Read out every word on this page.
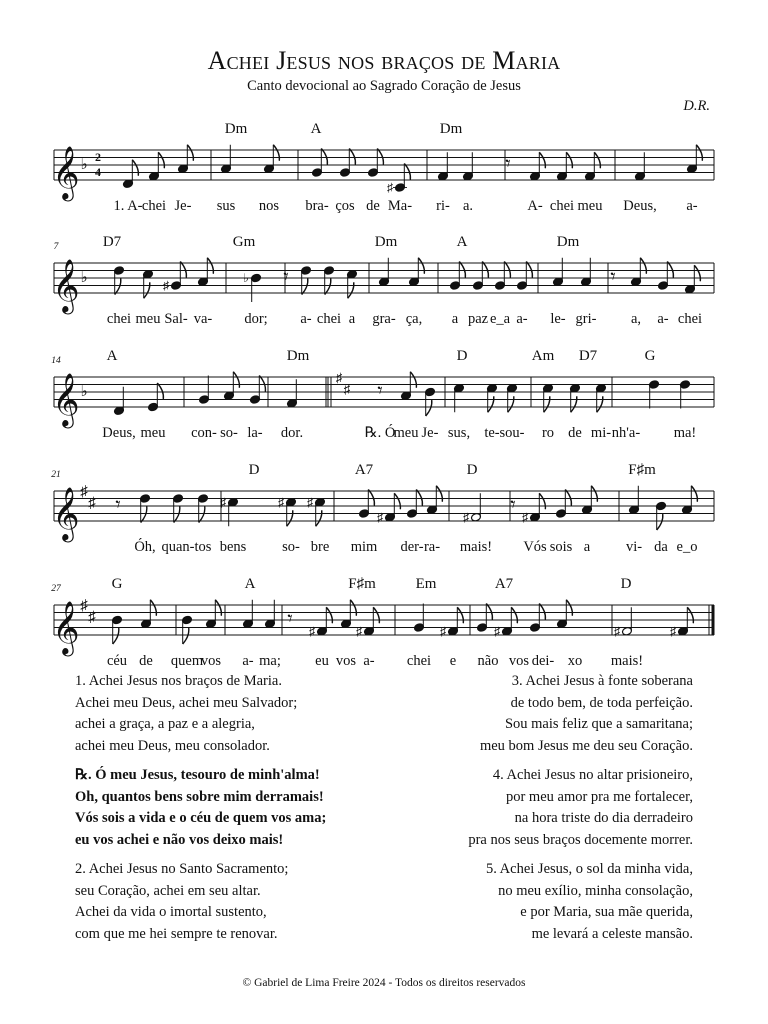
Achei Jesus nos braços de Maria
Canto devocional ao Sagrado Coração de Jesus
D.R.
𝄞 ♭ 2
4
Dm	A	Dm
♯
𝄾
1. A- chei Je- sus nos bra- ços de Ma- ri- a.	A- chei meu Deus, a-
𝄞 ♭
7	D7	Gm	Dm	A	Dm
♯
♭ 𝄾	𝄾
chei meu Sal- va- dor; a- chei a gra- ça, a paz e_a a- le- gri- a, a- chei
𝄞 ♭
14
♯
♯
A	Dm	D	Am D7	G
𝄾
Deus, meu con- so- la- dor.	℞. Ó
meu Je- sus, te- sou- ro de mi- nh'a- ma!
𝄞 ♯
♯
21	D	A7	D	F♯m
♯	♯ ♯
♯	♯	♯
𝄾	𝄾
Óh, quan- tos bens so- bre mim der- ra- mais! Vós sois a vi- da e_o
𝄞 ♯
♯
27	G	A	F♯m	Em	A7	D
♯	♯	♯	♯	♯	♯
𝄾
céu de quem
vos a- ma; eu vos a- chei e não vos dei- xo mais!
1. Achei Jesus nos braços de Maria.
Achei meu Deus, achei meu Salvador;
achei a graça, a paz e a alegria,
achei meu Deus, meu consolador.
℞. Ó meu Jesus, tesouro de minh'alma!
Oh, quantos bens sobre mim derramais!
Vós sois a vida e o céu de quem vos ama;
eu vos achei e não vos deixo mais!
2. Achei Jesus no Santo Sacramento;
seu Coração, achei em seu altar.
Achei da vida o imortal sustento,
com que me hei sempre te renovar.
3. Achei Jesus à fonte soberana
de todo bem, de toda perfeição.
Sou mais feliz que a samaritana;
meu bom Jesus me deu seu Coração.
4. Achei Jesus no altar prisioneiro,
por meu amor pra me fortalecer,
na hora triste do dia derradeiro
pra nos seus braços docemente morrer.
5. Achei Jesus, o sol da minha vida,
no meu exílio, minha consolação,
e por Maria, sua mãe querida,
me levará a celeste mansão.
© Gabriel de Lima Freire 2024 - Todos os direitos reservados
